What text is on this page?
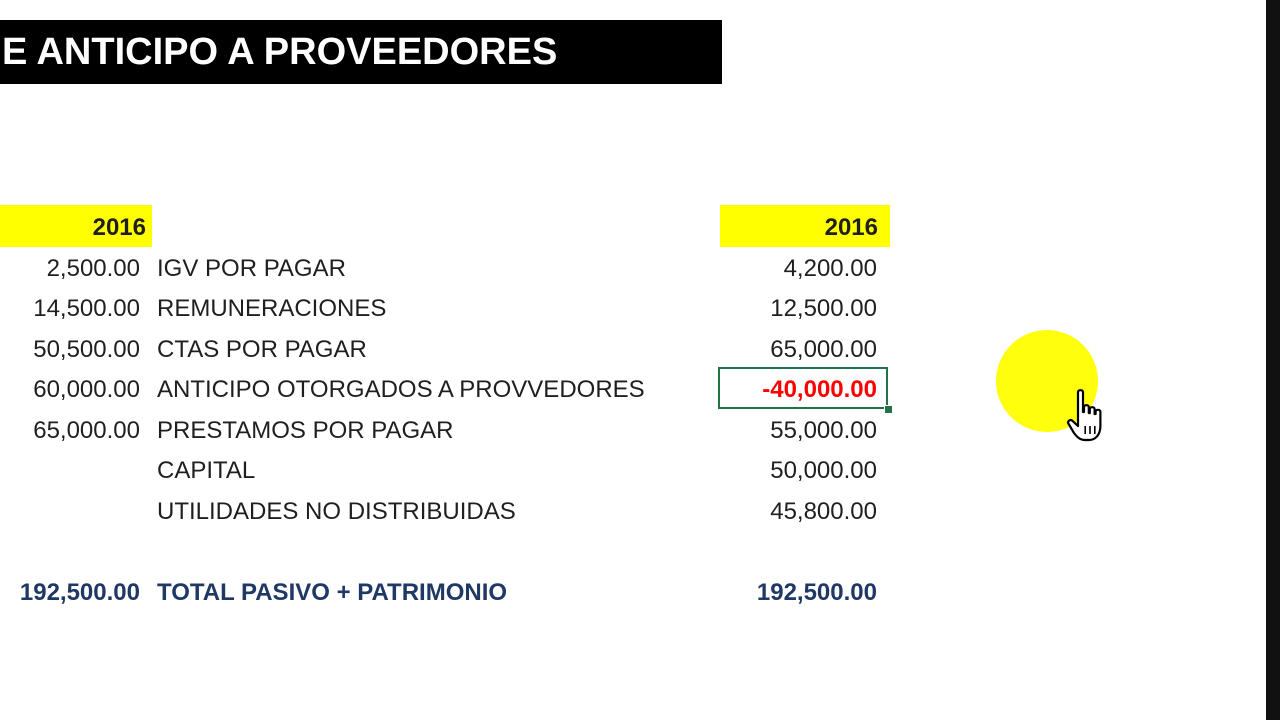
E ANTICIPO A PROVEEDORES
2016	2016
2,500.00 IGV POR PAGAR	4,200.00
14,500.00 REMUNERACIONES	12,500.00
50,500.00 CTAS POR PAGAR	65,000.00
60,000.00 ANTICIPO OTORGADOS A PROVVEDORES	-40,000.00
65,000.00 PRESTAMOS POR PAGAR	55,000.00
CAPITAL	50,000.00
UTILIDADES NO DISTRIBUIDAS	45,800.00
192,500.00 TOTAL PASIVO + PATRIMONIO	192,500.00
